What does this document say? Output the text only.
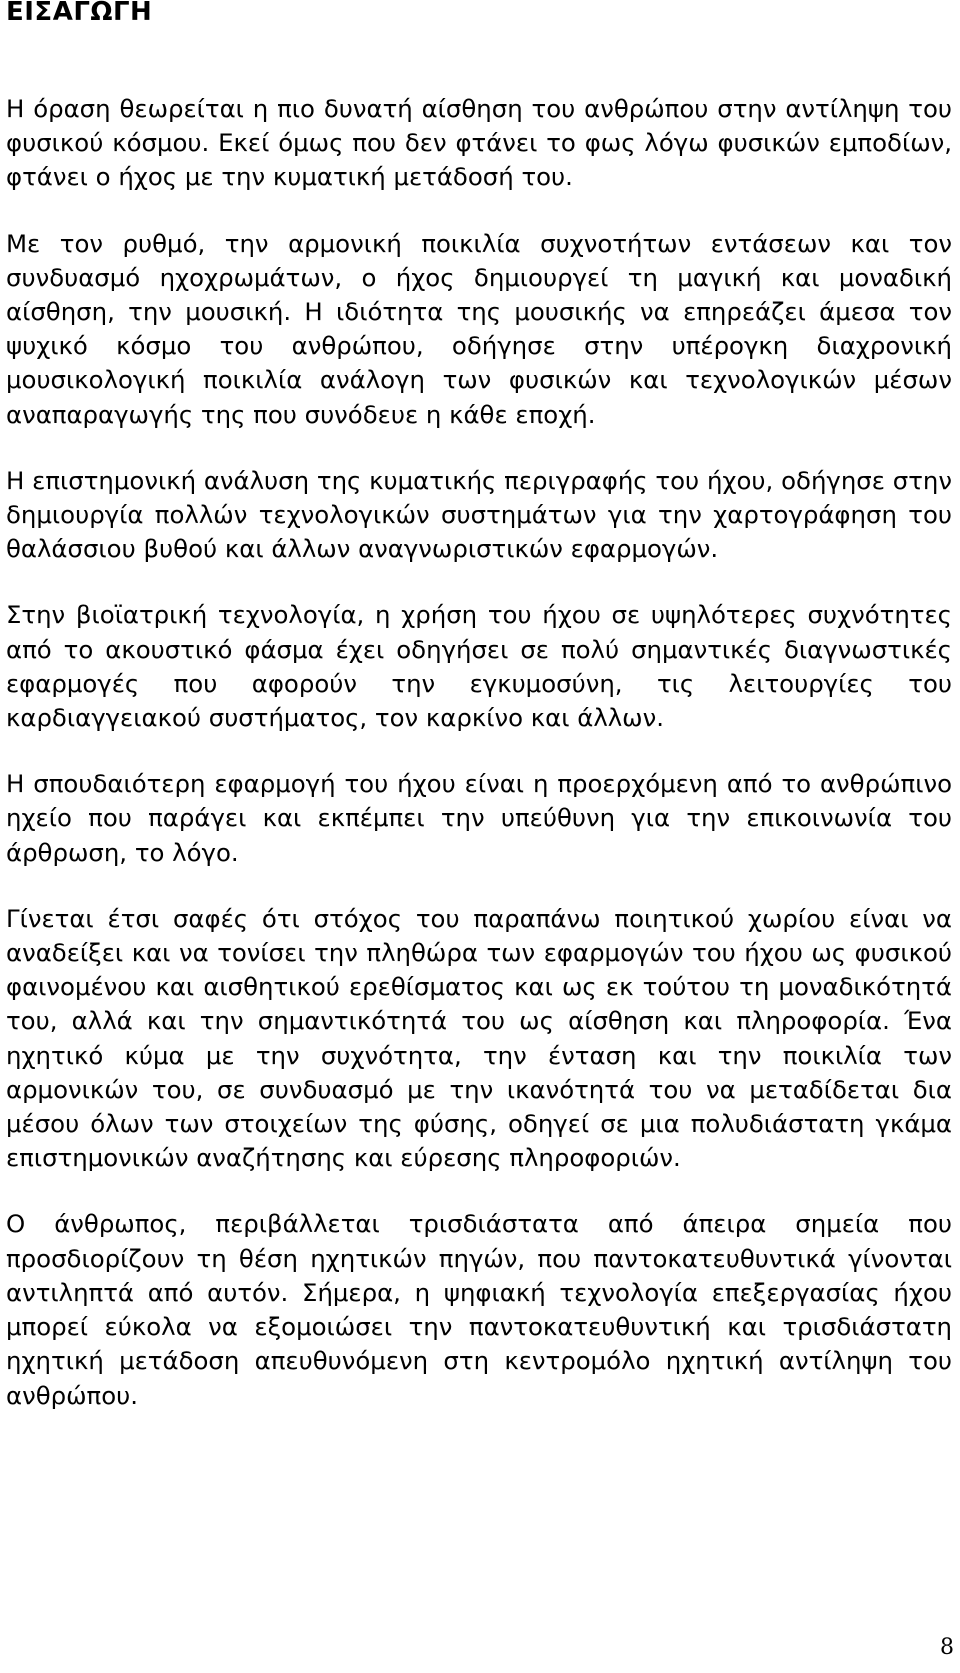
ΕΙΣΑΓΩΓΗ

Η όραση θεωρείται η πιο δυνατή αίσθηση του ανθρώπου στην αντίληψη του φυσικού κόσμου. Εκεί όμως που δεν φτάνει το φως λόγω φυσικών εμποδίων, φτάνει ο ήχος με την κυματική μετάδοσή του.

Με τον ρυθμό, την αρμονική ποικιλία συχνοτήτων εντάσεων και τον συνδυασμό ηχοχρωμάτων, ο ήχος δημιουργεί τη μαγική και μοναδική αίσθηση, την μουσική. Η ιδιότητα της μουσικής να επηρεάζει άμεσα τον ψυχικό κόσμο του ανθρώπου, οδήγησε στην υπέρογκη διαχρονική μουσικολογική ποικιλία ανάλογη των φυσικών και τεχνολογικών μέσων αναπαραγωγής της που συνόδευε η κάθε εποχή.

Η επιστημονική ανάλυση της κυματικής περιγραφής του ήχου, οδήγησε στην δημιουργία πολλών τεχνολογικών συστημάτων για την χαρτογράφηση του θαλάσσιου βυθού και άλλων αναγνωριστικών εφαρμογών.

Στην βιοϊατρική τεχνολογία, η χρήση του ήχου σε υψηλότερες συχνότητες από το ακουστικό φάσμα έχει οδηγήσει σε πολύ σημαντικές διαγνωστικές εφαρμογές που αφορούν την εγκυμοσύνη, τις λειτουργίες του καρδιαγγειακού συστήματος, τον καρκίνο και άλλων.

Η σπουδαιότερη εφαρμογή του ήχου είναι η προερχόμενη από το ανθρώπινο ηχείο που παράγει και εκπέμπει την υπεύθυνη για την επικοινωνία του άρθρωση, το λόγο.

Γίνεται έτσι σαφές ότι στόχος του παραπάνω ποιητικού χωρίου είναι να αναδείξει και να τονίσει την πληθώρα των εφαρμογών του ήχου ως φυσικού φαινομένου και αισθητικού ερεθίσματος και ως εκ τούτου τη μοναδικότητά του, αλλά και την σημαντικότητά του ως αίσθηση και πληροφορία. Ένα ηχητικό κύμα με την συχνότητα, την ένταση και την ποικιλία των αρμονικών του, σε συνδυασμό με την ικανότητά του να μεταδίδεται δια μέσου όλων των στοιχείων της φύσης, οδηγεί σε μια πολυδιάστατη γκάμα επιστημονικών αναζήτησης και εύρεσης πληροφοριών.

Ο άνθρωπος, περιβάλλεται τρισδιάστατα από άπειρα σημεία που προσδιορίζουν τη θέση ηχητικών πηγών, που παντοκατευθυντικά γίνονται αντιληπτά από αυτόν. Σήμερα, η ψηφιακή τεχνολογία επεξεργασίας ήχου μπορεί εύκολα να εξομοιώσει την παντοκατευθυντική και τρισδιάστατη ηχητική μετάδοση απευθυνόμενη στη κεντρομόλο ηχητική αντίληψη του ανθρώπου.

8
